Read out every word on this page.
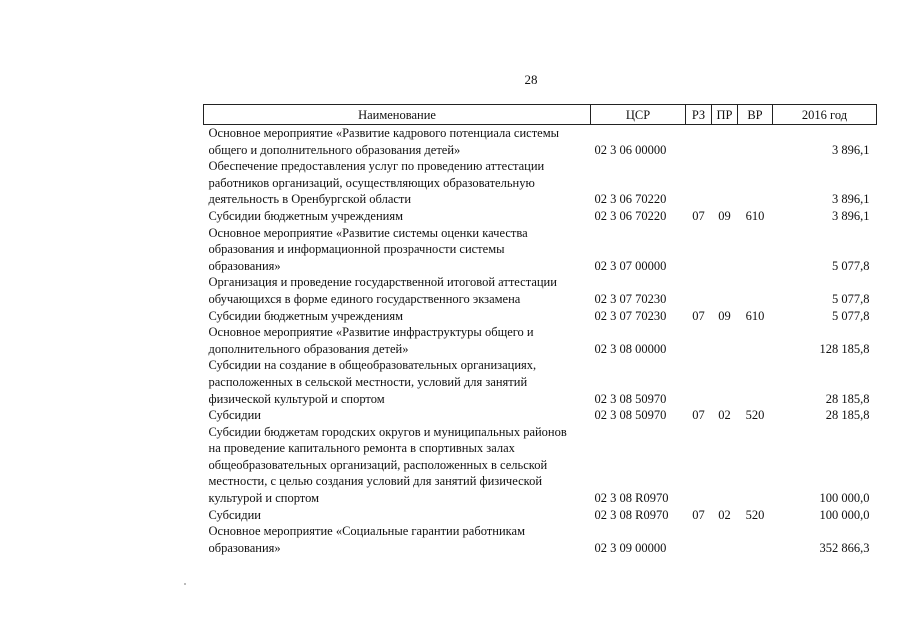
28
Наименование	ЦСР	РЗ	ПР	ВР	2016 год

Основное мероприятие «Развитие кадрового потенциала системы
общего и дополнительного образования детей»	02 3 06 00000				3 896,1

Обеспечение предоставления услуг по проведению аттестации
работников организаций, осуществляющих образовательную
деятельность в Оренбургской области	02 3 06 70220				3 896,1

Субсидии бюджетным учреждениям	02 3 06 70220	07	09	610	3 896,1

Основное мероприятие «Развитие системы оценки качества
образования и информационной прозрачности системы
образования»	02 3 07 00000				5 077,8

Организация и проведение государственной итоговой аттестации
обучающихся в форме единого государственного экзамена	02 3 07 70230				5 077,8

Субсидии бюджетным учреждениям	02 3 07 70230	07	09	610	5 077,8

Основное мероприятие «Развитие инфраструктуры общего и
дополнительного образования детей»	02 3 08 00000				128 185,8

Субсидии на создание в общеобразовательных организациях,
расположенных в сельской местности, условий для занятий
физической культурой и спортом	02 3 08 50970				28 185,8

Субсидии	02 3 08 50970	07	02	520	28 185,8

Субсидии бюджетам городских округов и муниципальных районов
на проведение капитального ремонта в спортивных залах
общеобразовательных организаций, расположенных в сельской
местности, с целью создания условий для занятий физической
культурой и спортом	02 3 08 R0970				100 000,0

Субсидии	02 3 08 R0970	07	02	520	100 000,0

Основное мероприятие «Социальные гарантии работникам
образования»	02 3 09 00000				352 866,3
